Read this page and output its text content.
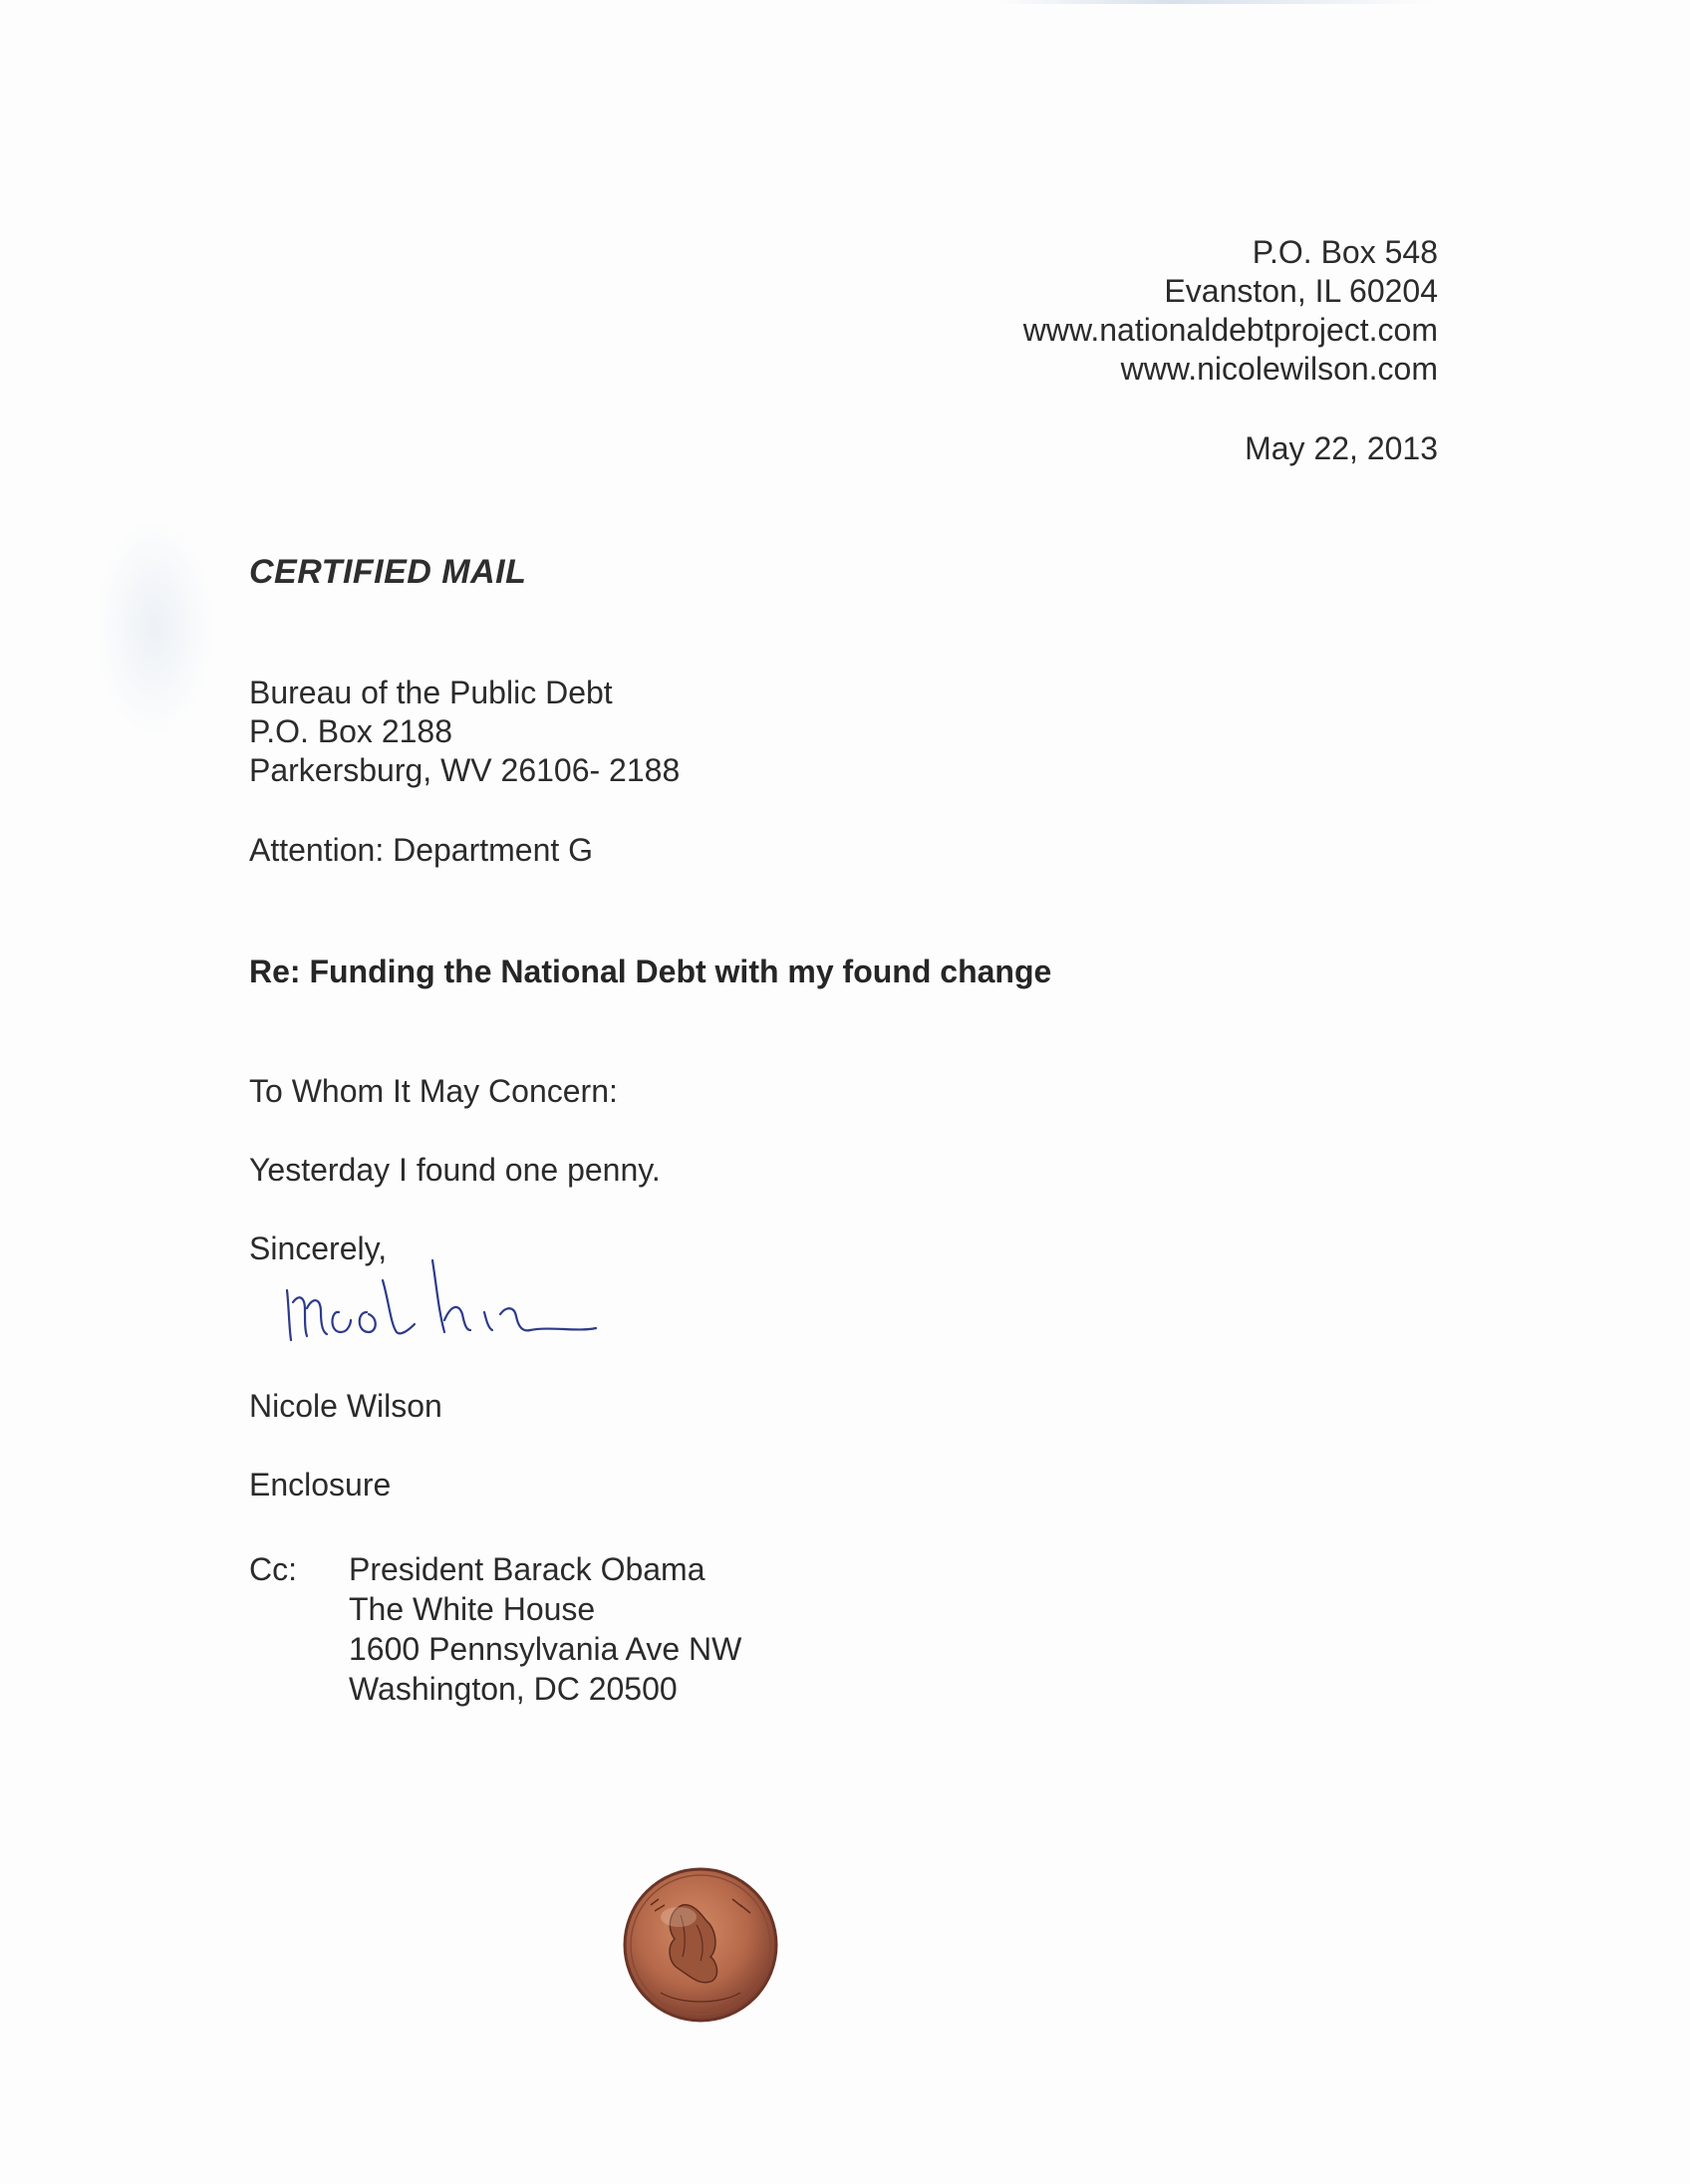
P.O. Box 548
Evanston, IL 60204
www.nationaldebtproject.com
www.nicolewilson.com
May 22, 2013
CERTIFIED MAIL
Bureau of the Public Debt
P.O. Box 2188
Parkersburg, WV 26106- 2188
Attention: Department G
Re: Funding the National Debt with my found change
To Whom It May Concern:
Yesterday I found one penny.
Sincerely,
Nicole Wilson
Enclosure
Cc: President Barack Obama
The White House
1600 Pennsylvania Ave NW
Washington, DC 20500
